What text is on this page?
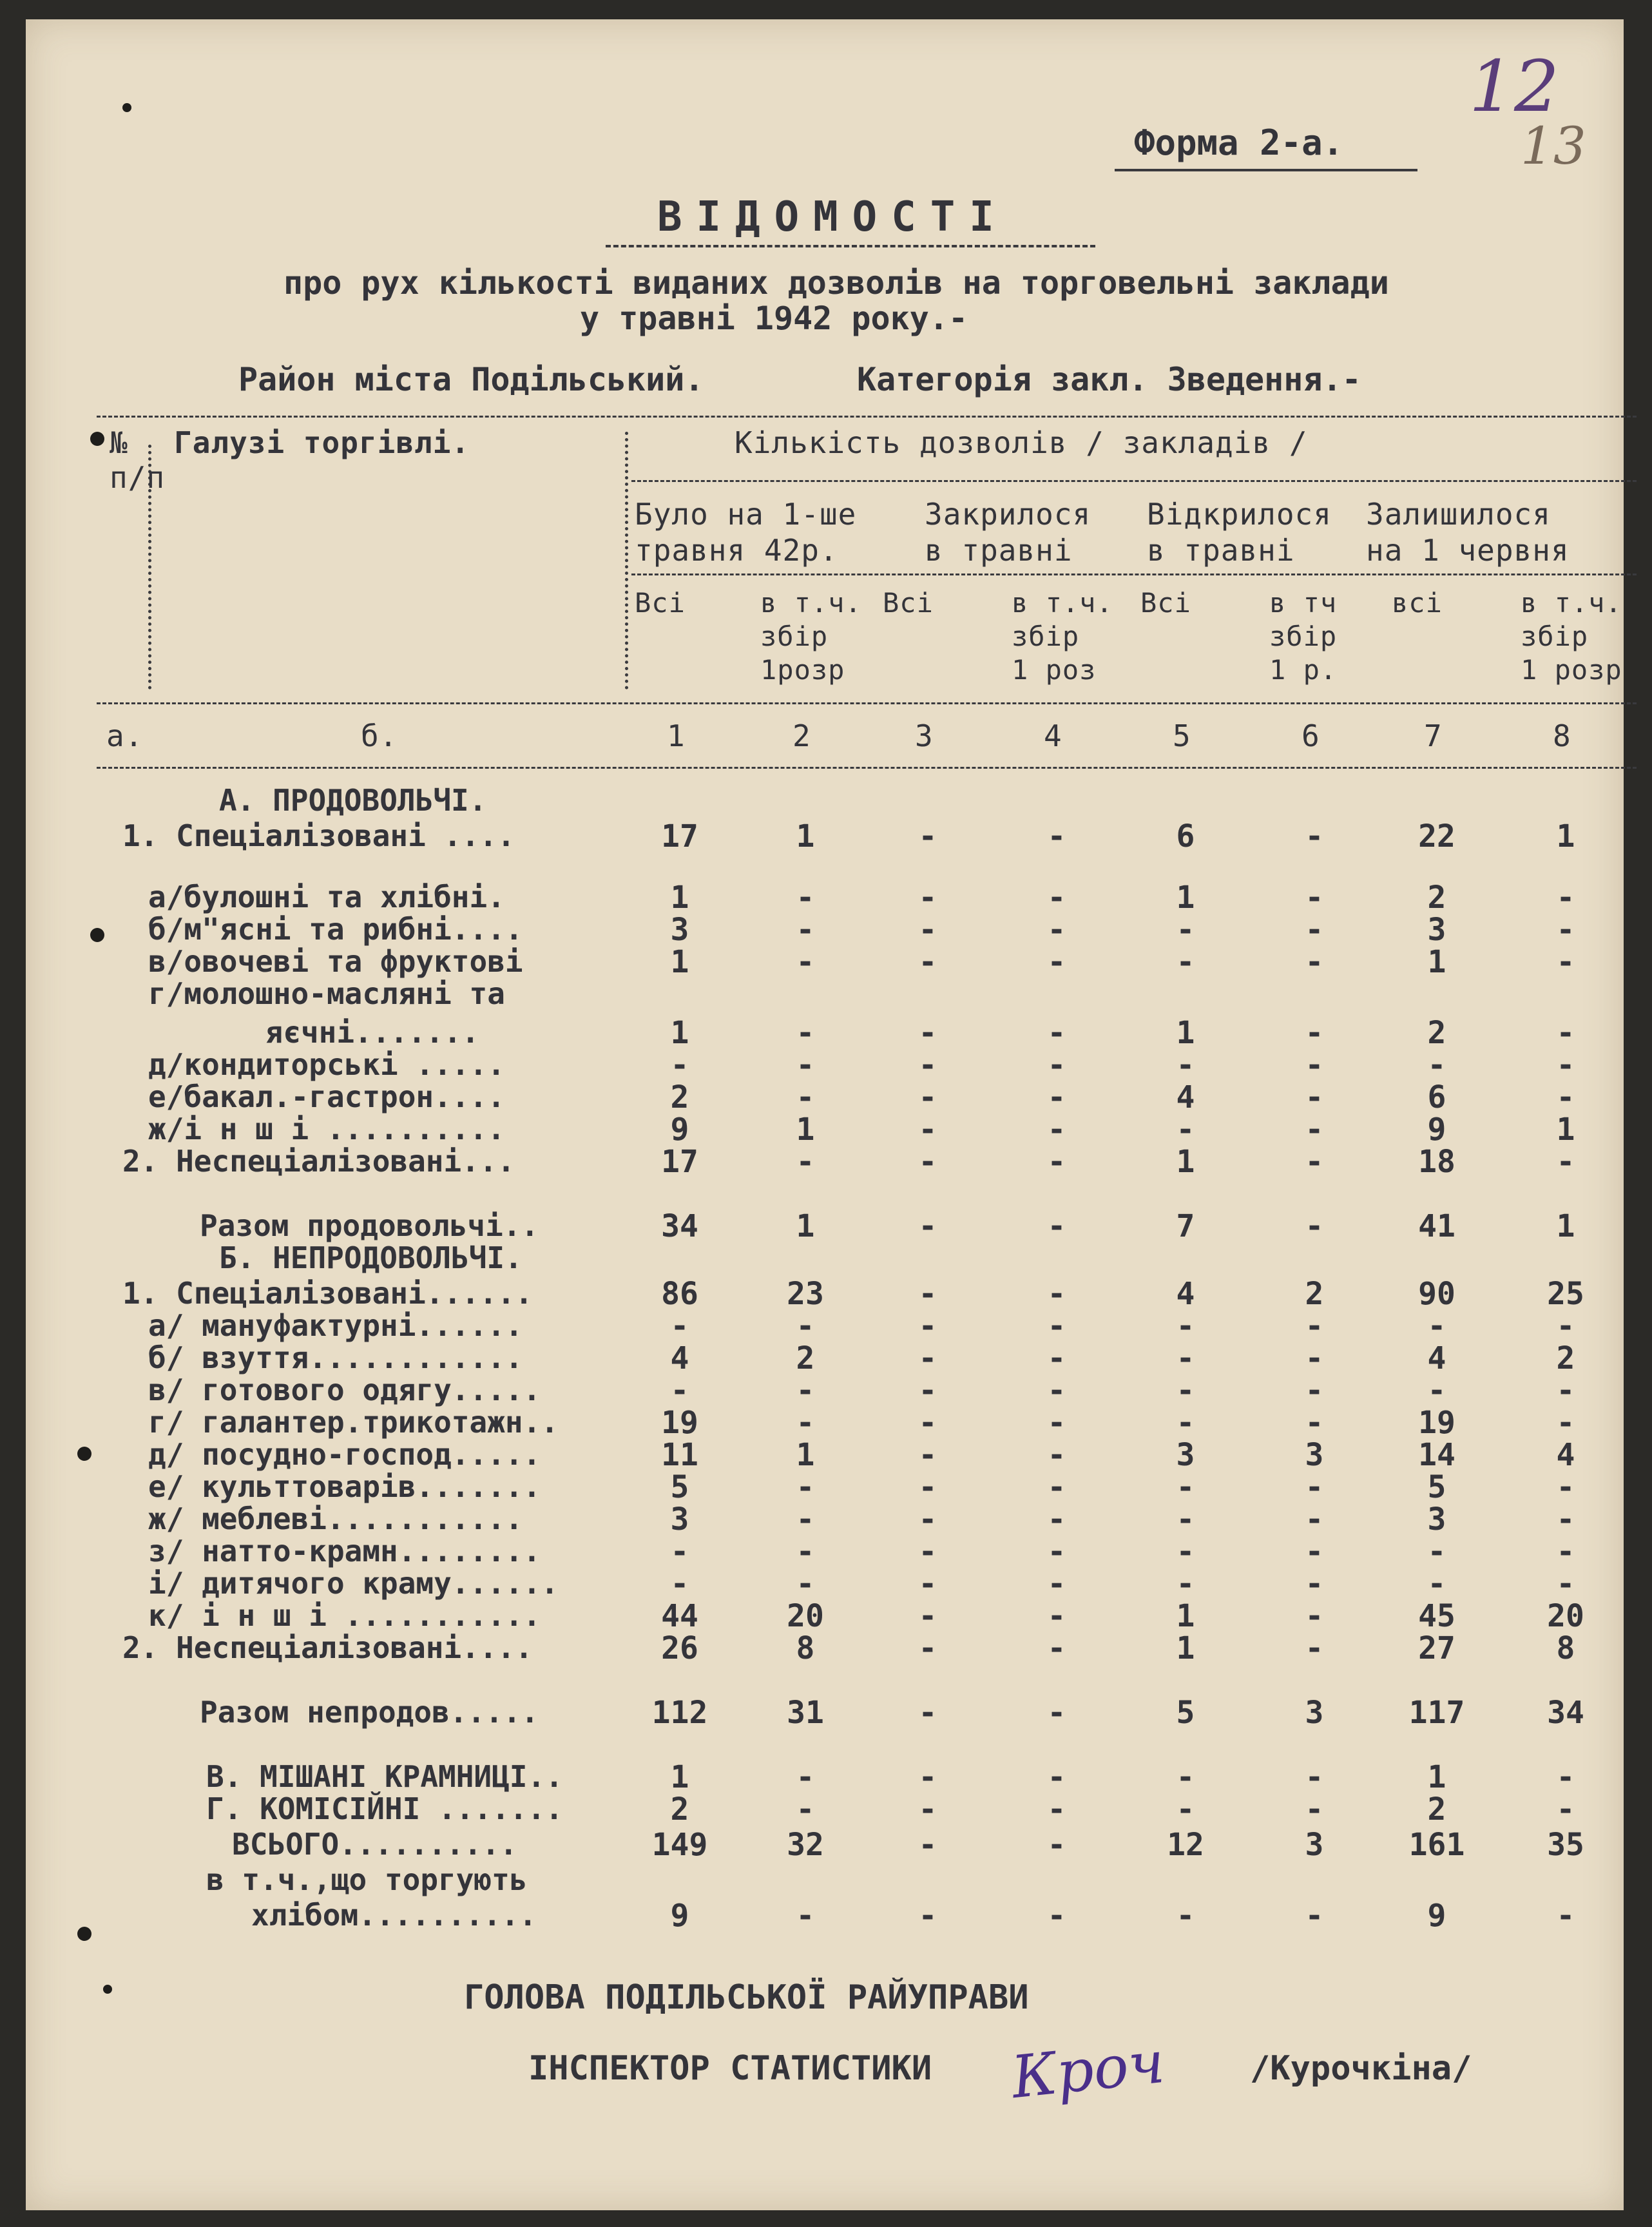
12
13
Форма 2-а.
ВІДОМОСТІ
про рух кількості виданих дозволів на торговельні заклади
у травні 1942 року.-
Район міста Подільський.	Категорія закл. Зведення.-
№
п/п
Галузі торгівлі.	Кількість дозволів / закладів /
Було на 1-ше
травня 42р.
Закрилося
в травні
Відкрилося
в травні
Залишилося
на 1 червня
Всі	в т.ч.
збір
1розр
Всі	в т.ч.
збір
1 роз
Всі	в тч
збір
1 р.
всі	в т.ч.
збір
1 розр
а.	б.	1	2	3	4	5	6	7	8
А. ПРОДОВОЛЬЧІ.
1. Спеціалізовані ....	17	1	-	-	6	-	22	1
а/булошні та хлібні.	1	-	-	-	1	-	2	-
б/м"ясні та рибні....	3	-	-	-	-	-	3	-
в/овочеві та фруктові	1	-	-	-	-	-	1	-
г/молошно-масляні та
яєчні.......	1	-	-	-	1	-	2	-
д/кондиторські .....	-	-	-	-	-	-	-	-
е/бакал.-гастрон....	2	-	-	-	4	-	6	-
ж/і н ш і ..........	9	1	-	-	-	-	9	1
2. Неспеціалізовані...	17	-	-	-	1	-	18	-
Разом продовольчі..	34	1	-	-	7	-	41	1
Б. НЕПРОДОВОЛЬЧІ.
1. Спеціалізовані......	86	23	-	-	4	2	90	25
а/ мануфактурні......	-	-	-	-	-	-	-	-
б/ взуття............	4	2	-	-	-	-	4	2
в/ готового одягу.....	-	-	-	-	-	-	-	-
г/ галантер.трикотажн..	19	-	-	-	-	-	19	-
д/ посудно-господ.....	11	1	-	-	3	3	14	4
е/ культтоварів.......	5	-	-	-	-	-	5	-
ж/ меблеві...........	3	-	-	-	-	-	3	-
з/ натто-крамн........	-	-	-	-	-	-	-	-
і/ дитячого краму......	-	-	-	-	-	-	-	-
к/ і н ш і ...........	44	20	-	-	1	-	45	20
2. Неспеціалізовані....	26	8	-	-	1	-	27	8
Разом непродов.....	112	31	-	-	5	3	117	34
В. МІШАНІ КРАМНИЦІ..	1	-	-	-	-	-	1	-
Г. КОМІСІЙНІ .......	2	-	-	-	-	-	2	-
ВСЬОГО..........	149	32	-	-	12	3	161	35
в т.ч.,що торгують
хлібом..........	9	-	-	-	-	-	9	-
ГОЛОВА ПОДІЛЬСЬКОЇ РАЙУПРАВИ
ІНСПЕКТОР СТАТИСТИКИ Кроч /Курочкіна/
